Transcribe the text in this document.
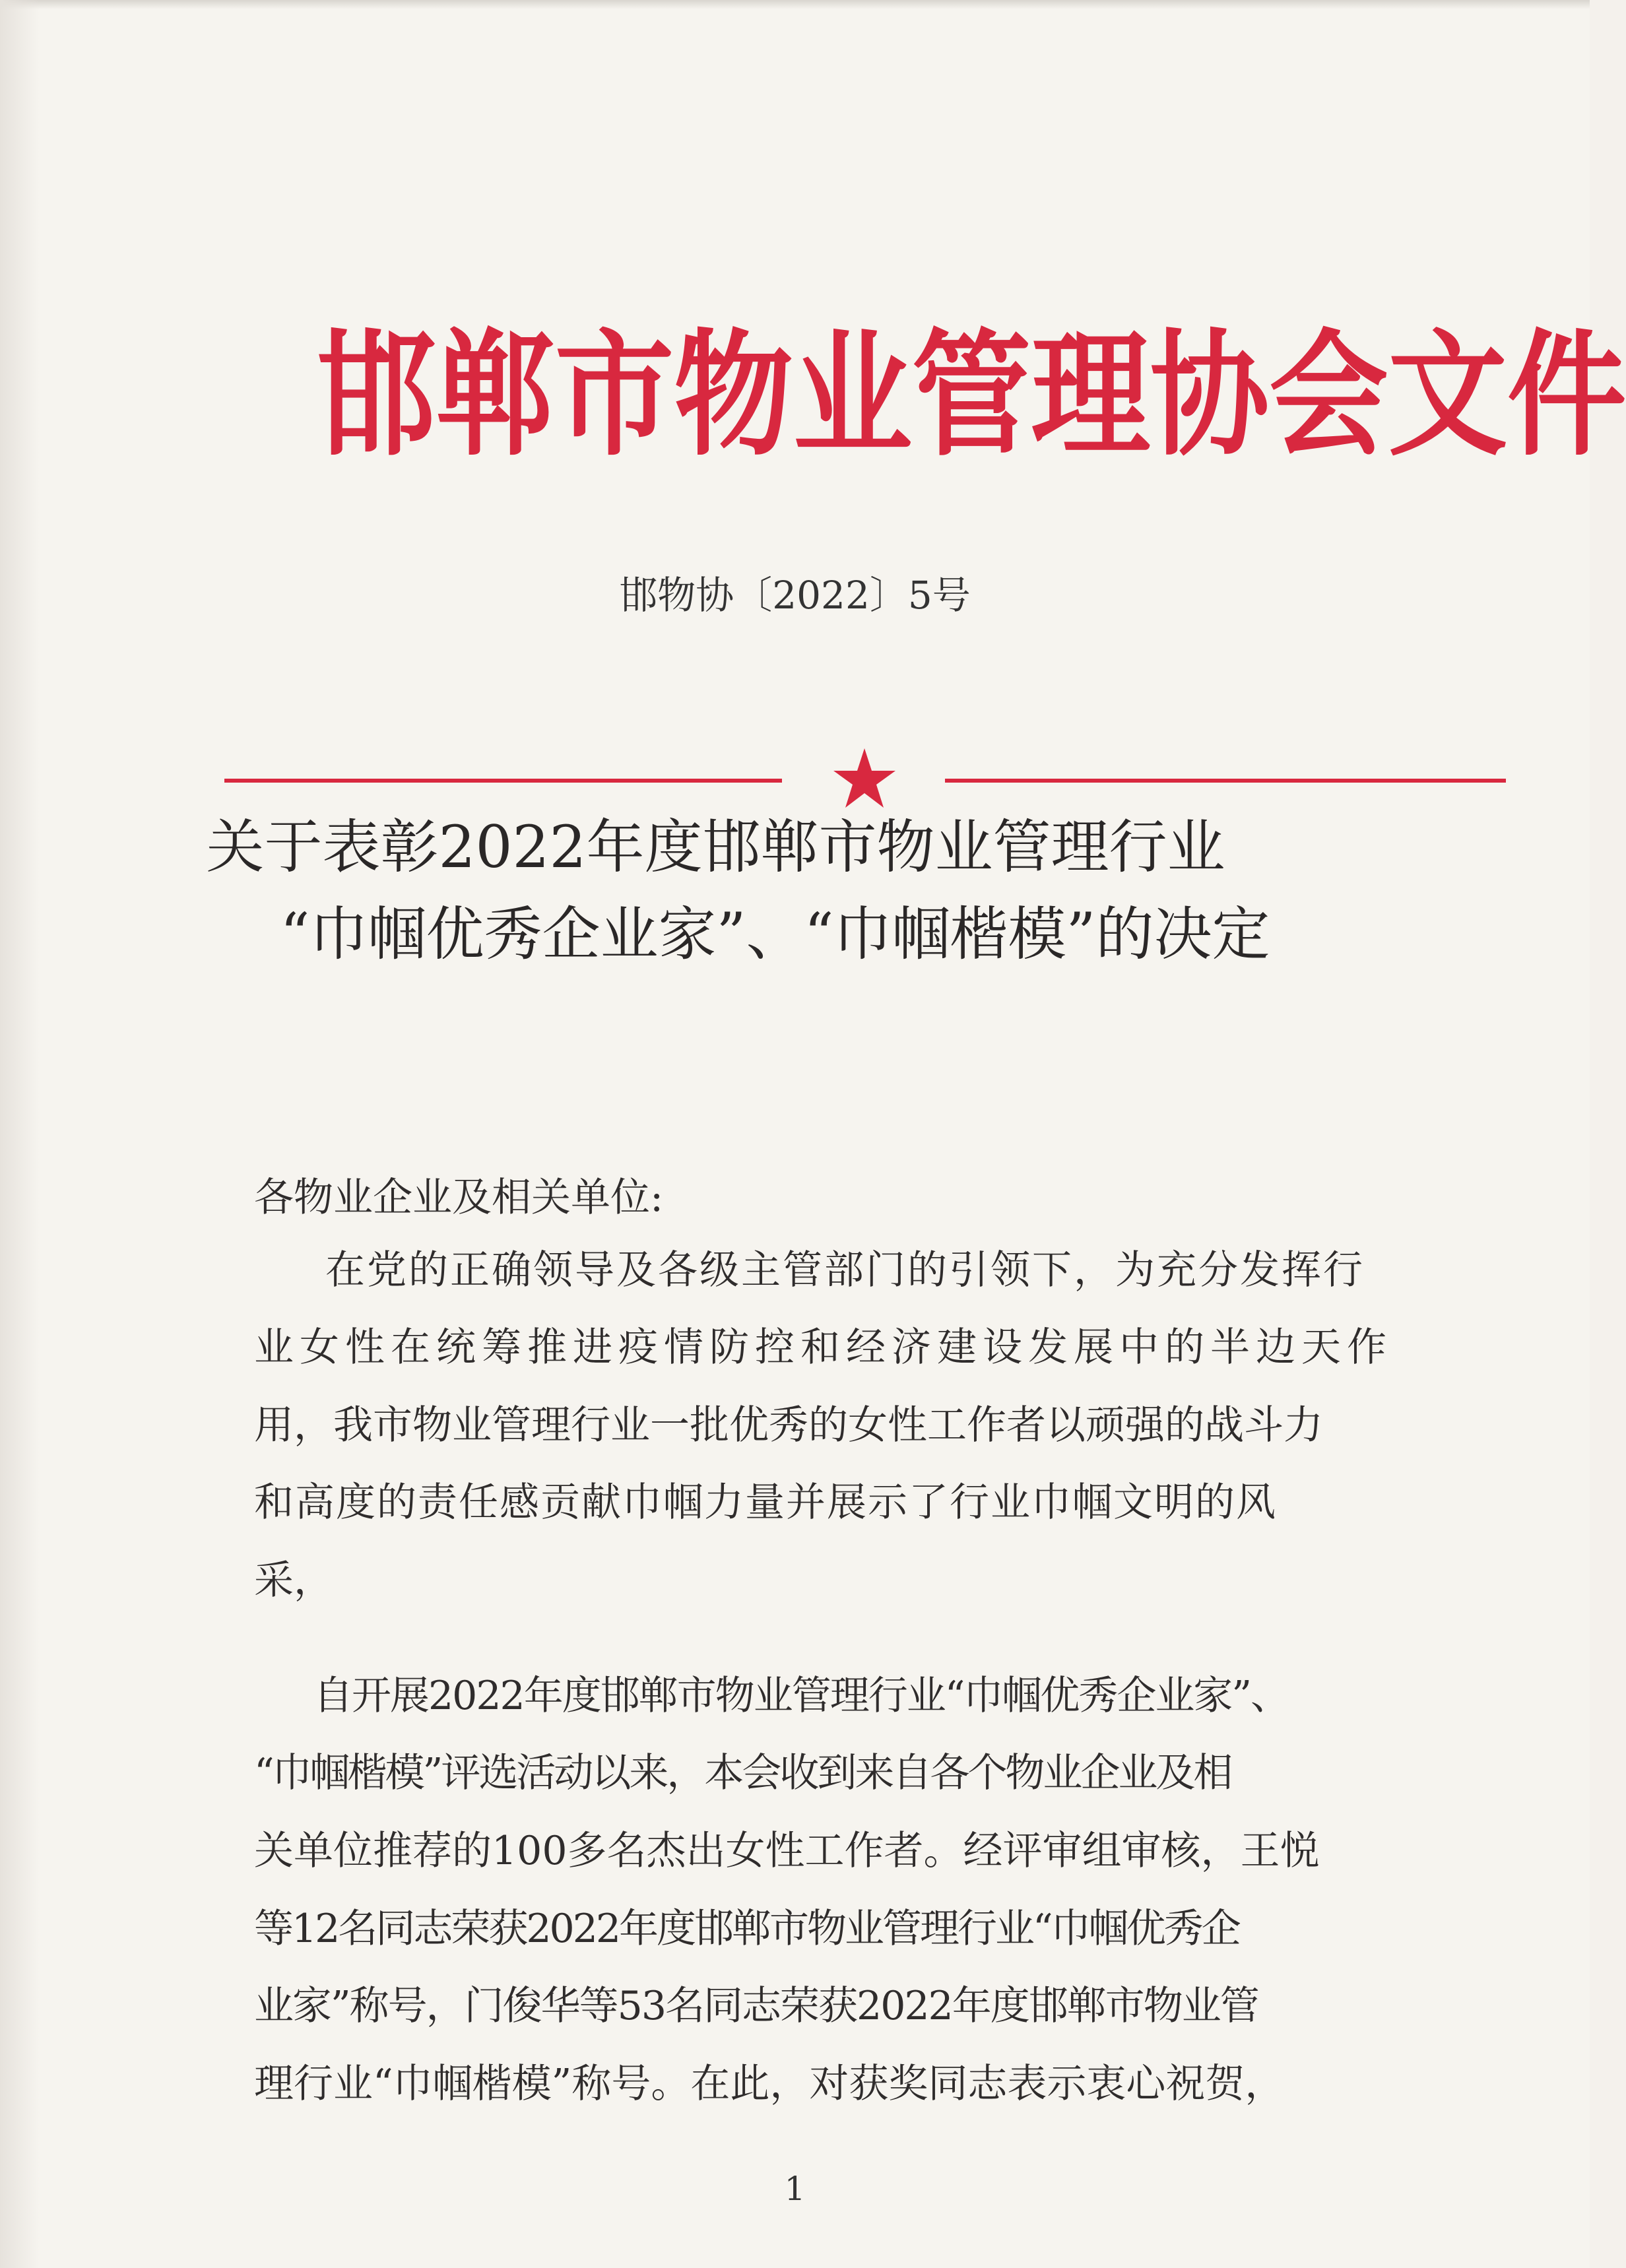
邯 郸 市 物 业 管 理 协 会 文 件
邯物协〔2022〕5号
关于表彰2022年度邯郸市物业管理行业
“巾帼优秀企业家”、“巾帼楷模”的决定
各物业企业及相关单位:
在党的正确领导及各级主管部门的引领下，为充分发挥行
业女性在统筹推进疫情防控和经济建设发展中的半边天作
用，我市物业管理行业一批优秀的女性工作者以顽强的战斗力
和高度的责任感贡献巾帼力量并展示了行业巾帼文明的风
采，
自开展2022年度邯郸市物业管理行业“巾帼优秀企业家”、
“巾帼楷模”评选活动以来，本会收到来自各个物业企业及相
关单位推荐的100多名杰出女性工作者。经评审组审核，王悦
等12名同志荣获2022年度邯郸市物业管理行业“巾帼优秀企
业家”称号，门俊华等53名同志荣获2022年度邯郸市物业管
理行业“巾帼楷模”称号。在此，对获奖同志表示衷心祝贺，
1
